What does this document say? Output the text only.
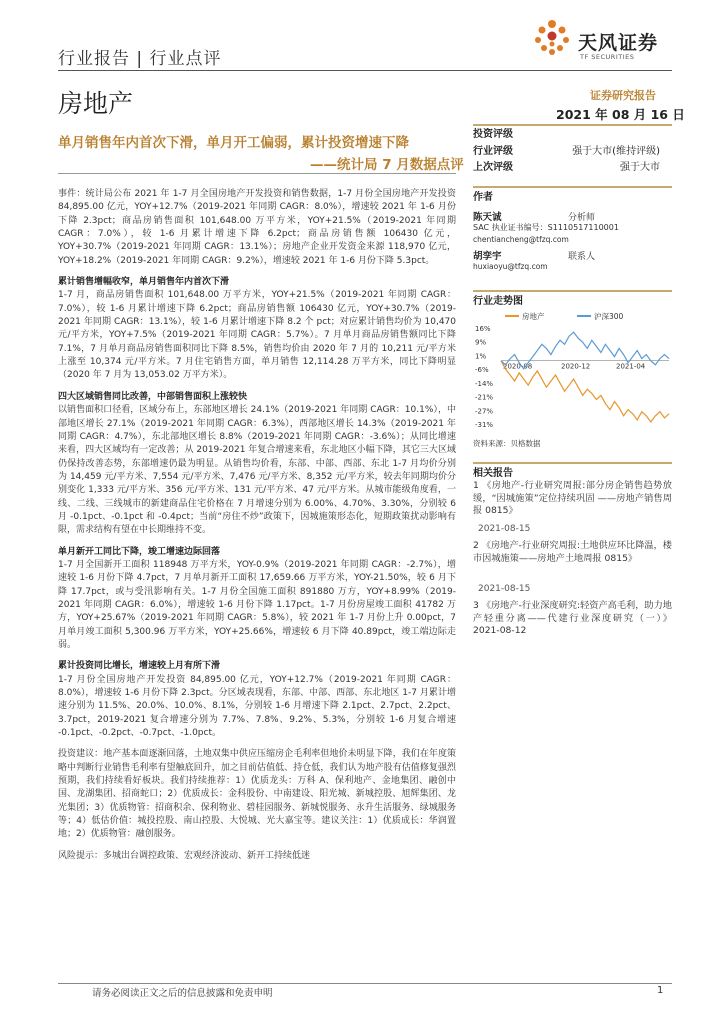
行业报告 | 行业点评
天风证券
TF SECURITIES
房地产	证券研究报告
2021 年 08 月 16 日
单月销售年内首次下滑，单月开工偏弱，累计投资增速下降
——统计局 7 月数据点评

事件：统计局公布 2021 年 1-7 月全国房地产开发投资和销售数据，1-7 月份全国房地产开发投资 84,895.00 亿元，YOY+12.7%（2019-2021 年同期 CAGR：8.0%），增速较 2021 年 1-6 月份下降 2.3pct；商品房销售面积 101,648.00 万平方米，YOY+21.5%（2019-2021 年同期 CAGR：7.0%），较 1-6 月累计增速下降 6.2pct；商品房销售额 106430 亿元，YOY+30.7%（2019-2021 年同期 CAGR：13.1%）；房地产企业开发资金来源 118,970 亿元，YOY+18.2%（2019-2021 年同期 CAGR：9.2%），增速较 2021 年 1-6 月份下降 5.3pct。

累计销售增幅收窄，单月销售年内首次下滑

1-7 月，商品房销售面积 101,648.00 万平方米，YOY+21.5%（2019-2021 年同期 CAGR：7.0%），较 1-6 月累计增速下降 6.2pct；商品房销售额 106430 亿元，YOY+30.7%（2019-2021 年同期 CAGR：13.1%），较 1-6 月累计增速下降 8.2 个 pct；对应累计销售均价为 10,470 元/平方米，YOY+7.5%（2019-2021 年同期 CAGR：5.7%）。7 月单月商品房销售额同比下降 7.1%，7 月单月商品房销售面积同比下降 8.5%，销售均价由 2020 年 7 月的 10,211 元/平方米上涨至 10,374 元/平方米。7 月住宅销售方面，单月销售 12,114.28 万平方米，同比下降明显（2020 年 7 月为 13,053.02 万平方米）。

四大区域销售同比改善，中部销售面积上涨较快

以销售面积口径看，区域分布上，东部地区增长 24.1%（2019-2021 年同期 CAGR：10.1%），中部地区增长 27.1%（2019-2021 年同期 CAGR：6.3%），西部地区增长 14.3%（2019-2021 年同期 CAGR：4.7%），东北部地区增长 8.8%（2019-2021 年同期 CAGR：-3.6%）；从同比增速来看，四大区域均有一定改善；从 2019-2021 年复合增速来看，东北地区小幅下降，其它三大区域仍保持改善态势，东部增速仍最为明显。从销售均价看，东部、中部、西部、东北 1-7 月均价分别为 14,459 元/平方米、7,554 元/平方米、7,476 元/平方米、8,352 元/平方米，较去年同期均价分别变化 1,333 元/平方米、356 元/平方米、131 元/平方米、47 元/平方米。从城市能级角度看，一线、二线、三线城市的新建商品住宅价格在 7 月增速分别为 6.00%、4.70%、3.30%，分别较 6 月 -0.1pct、-0.1pct 和 -0.4pct；当前“房住不炒”政策下，因城施策形态化，短期政策扰动影响有限，需求结构有望在中长期维持不变。

单月新开工同比下降，竣工增速边际回落

1-7 月全国新开工面积 118948 万平方米，YOY-0.9%（2019-2021 年同期 CAGR：-2.7%），增速较 1-6 月份下降 4.7pct，7 月单月新开工面积 17,659.66 万平方米，YOY-21.50%，较 6 月下降 17.7pct，或与受汛影响有关。1-7 月份全国施工面积 891880 万方，YOY+8.99%（2019-2021 年同期 CAGR：6.0%），增速较 1-6 月份下降 1.17pct。1-7 月份房屋竣工面积 41782 万方，YOY+25.67%（2019-2021 年同期 CAGR：5.8%），较 2021 年 1-7 月份上升 0.00pct，7 月单月竣工面积 5,300.96 万平方米，YOY+25.66%，增速较 6 月下降 40.89pct，竣工端边际走弱。

累计投资同比增长，增速较上月有所下滑

1-7 月份全国房地产开发投资 84,895.00 亿元，YOY+12.7%（2019-2021 年同期 CAGR：8.0%），增速较 1-6 月份下降 2.3pct。分区域表现看，东部、中部、西部、东北地区 1-7 月累计增速分别为 11.5%、20.0%、10.0%、8.1%，分别较 1-6 月增速下降 2.1pct、2.7pct、2.2pct、3.7pct，2019-2021 复合增速分别为 7.7%、7.8%、9.2%、5.3%，分别较 1-6 月复合增速 -0.1pct、-0.2pct、-0.7pct、-1.0pct。

投资建议：地产基本面逐渐回落，土地双集中供应压缩房企毛利率但地价未明显下降，我们在年度策略中判断行业销售毛利率有望触底回升，加之目前估值低、持仓低，我们认为地产股有估值修复强烈预期，我们持续看好板块。我们持续推荐：1）优质龙头：万科 A、保利地产、金地集团、融创中国、龙湖集团、招商蛇口；2）优质成长：金科股份、中南建设、阳光城、新城控股、旭辉集团、龙光集团；3）优质物管：招商积余、保利物业、碧桂园服务、新城悦服务、永升生活服务、绿城服务等；4）低估价值：城投控股、南山控股、大悦城、光大嘉宝等。建议关注：1）优质成长：华润置地；2）优质物管：融创服务。

风险提示：多城出台调控政策、宏观经济波动、新开工持续低迷

投资评级
行业评级	强于大市(维持评级)
上次评级	强于大市
作者
陈天诚	分析师
SAC 执业证书编号：S1110517110001
chentiancheng@tfzq.com
胡孪宇	联系人
huxiaoyu@tfzq.com
行业走势图
房地产	沪深300
16%
9%
1%
-6%
-14%
-21%
-27%
-31%
2020-08	2020-12	2021-04
资料来源：贝格数据
相关报告
1 《房地产-行业研究周报:部分房企销售趋势放缓，“因城施策”定位持续巩固 ——房地产销售周报 0815》
2021-08-15
2 《房地产-行业研究周报:土地供应环比降温，楼市因城施策——房地产土地周报 0815》
2021-08-15
3 《房地产-行业深度研究:轻资产高毛利，助力地产轻重分离——代建行业深度研究（一）》 2021-08-12
请务必阅读正文之后的信息披露和免责申明	1
